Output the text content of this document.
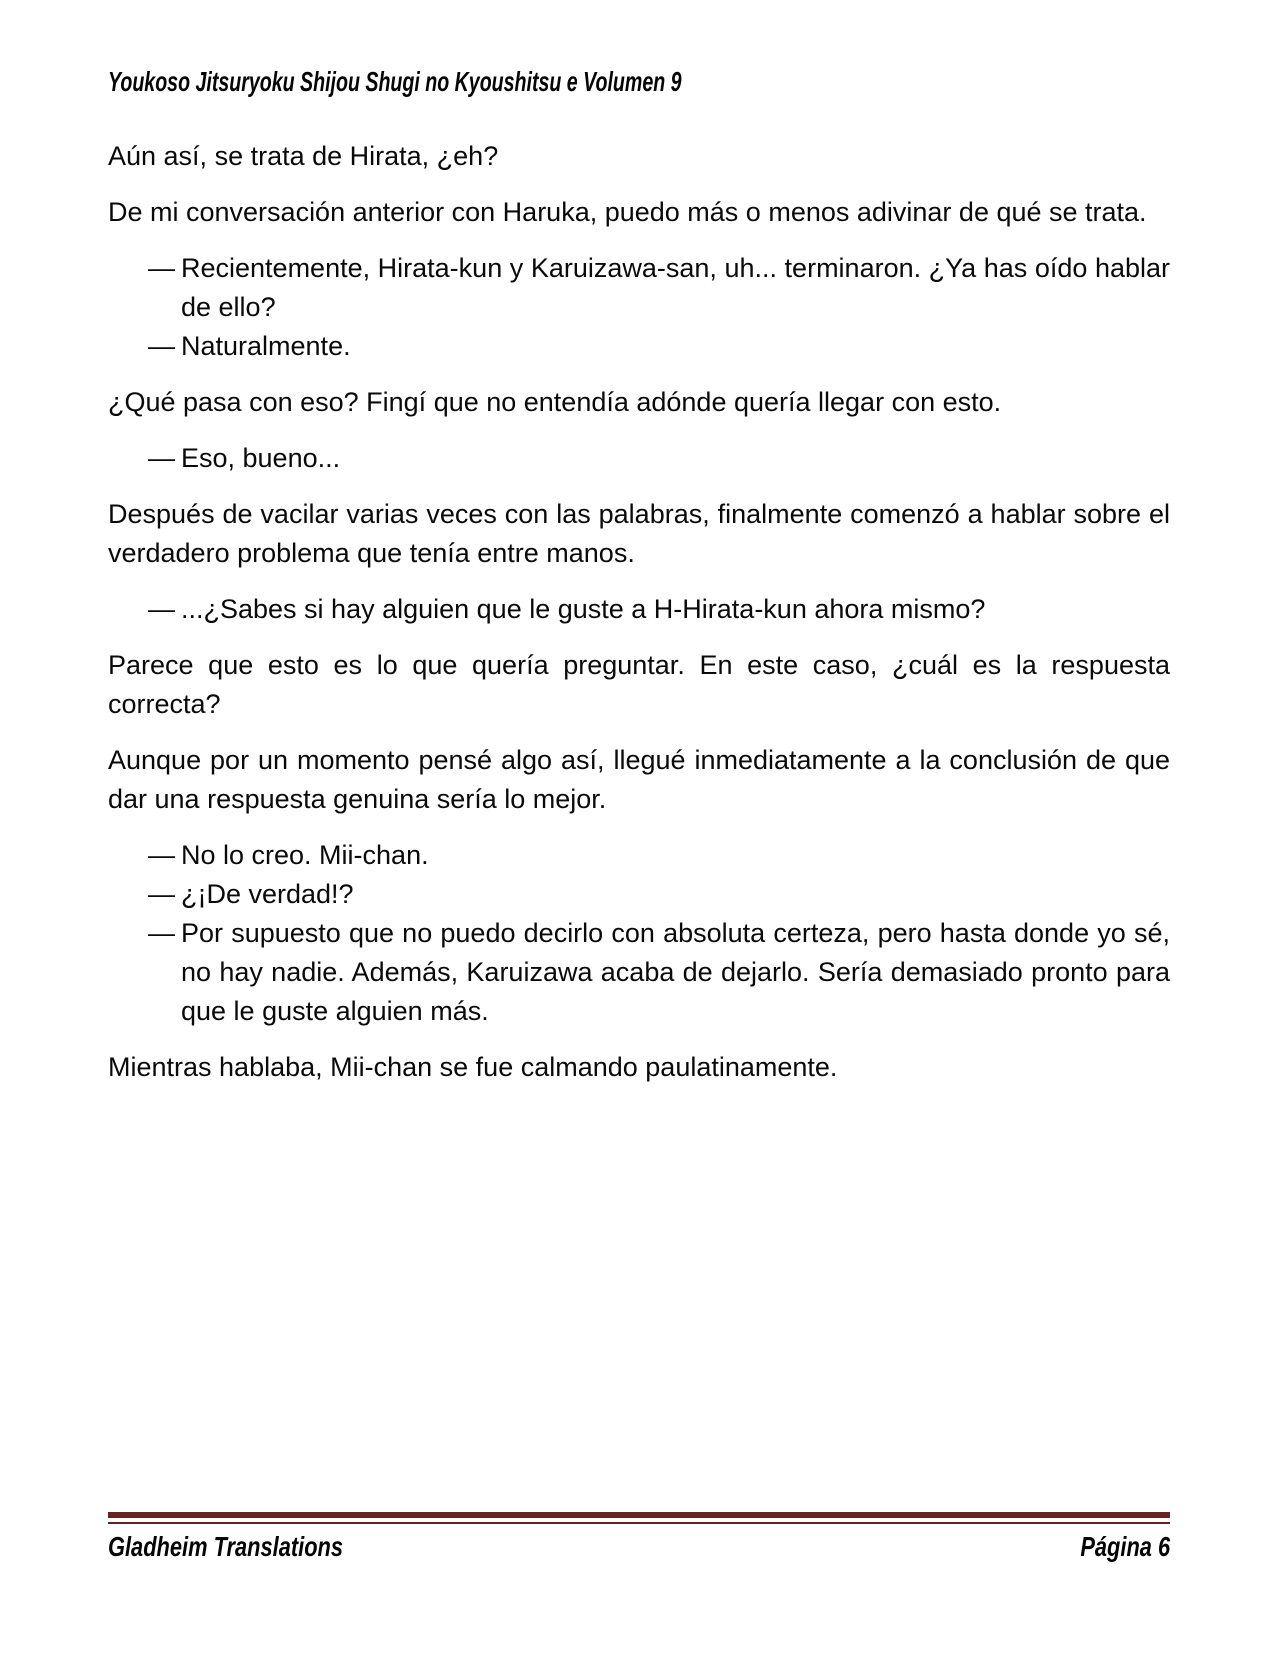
Youkoso Jitsuryoku Shijou Shugi no Kyoushitsu e Volumen 9

Aún así, se trata de Hirata, ¿eh?

De mi conversación anterior con Haruka, puedo más o menos adivinar de qué se trata.

— Recientemente, Hirata-kun y Karuizawa-san, uh... terminaron. ¿Ya has oído hablar de ello?
— Naturalmente.

¿Qué pasa con eso? Fingí que no entendía adónde quería llegar con esto.

— Eso, bueno...

Después de vacilar varias veces con las palabras, finalmente comenzó a hablar sobre el verdadero problema que tenía entre manos.

— ...¿Sabes si hay alguien que le guste a H-Hirata-kun ahora mismo?

Parece que esto es lo que quería preguntar. En este caso, ¿cuál es la respuesta correcta?

Aunque por un momento pensé algo así, llegué inmediatamente a la conclusión de que dar una respuesta genuina sería lo mejor.

— No lo creo. Mii-chan.
— ¿¡De verdad!?
— Por supuesto que no puedo decirlo con absoluta certeza, pero hasta donde yo sé, no hay nadie. Además, Karuizawa acaba de dejarlo. Sería demasiado pronto para que le guste alguien más.

Mientras hablaba, Mii-chan se fue calmando paulatinamente.

Gladheim Translations	Página 6
